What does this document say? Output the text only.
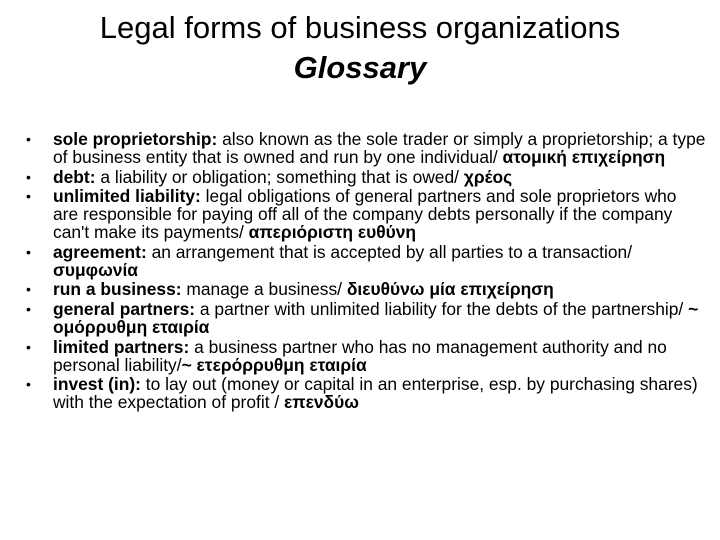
Legal forms of business organizations
Glossary
• sole proprietorship: also known as the sole trader or simply a proprietorship; a type of business entity that is owned and run by one individual/ ατομική επιχείρηση
• debt: a liability or obligation; something that is owed/ χρέος
• unlimited liability: legal obligations of general partners and sole proprietors who are responsible for paying off all of the company debts personally if the company can't make its payments/ απεριόριστη ευθύνη
• agreement: an arrangement that is accepted by all parties to a transaction/ συμφωνία
• run a business: manage a business/ διευθύνω μία επιχείρηση
• general partners: a partner with unlimited liability for the debts of the partnership/ ~ ομόρρυθμη εταιρία
• limited partners: a business partner who has no management authority and no personal liability/~ ετερόρρυθμη εταιρία
• invest (in): to lay out (money or capital in an enterprise, esp. by purchasing shares) with the expectation of profit / επενδύω
